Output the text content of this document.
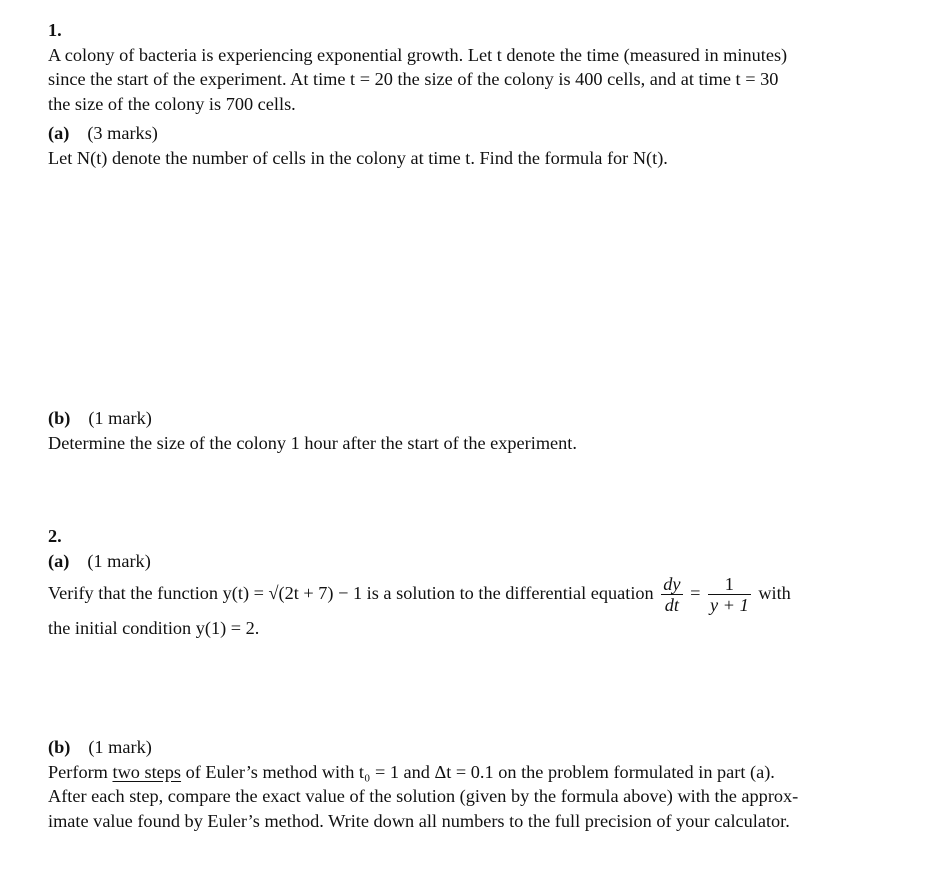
1.
A colony of bacteria is experiencing exponential growth. Let t denote the time (measured in minutes)
since the start of the experiment. At time t = 20 the size of the colony is 400 cells, and at time t = 30
the size of the colony is 700 cells.
(a) (3 marks)
Let N(t) denote the number of cells in the colony at time t. Find the formula for N(t).
(b) (1 mark)
Determine the size of the colony 1 hour after the start of the experiment.
2.
(a) (1 mark)
Verify that the function y(t) = √(2t + 7) − 1 is a solution to the differential equation $\frac{dy}{dt} = \frac{1}{y + 1}$ with
the initial condition y(1) = 2.
(b) (1 mark)
Perform two steps of Euler’s method with t₀ = 1 and Δt = 0.1 on the problem formulated in part (a).
After each step, compare the exact value of the solution (given by the formula above) with the approx-
imate value found by Euler’s method. Write down all numbers to the full precision of your calculator.
